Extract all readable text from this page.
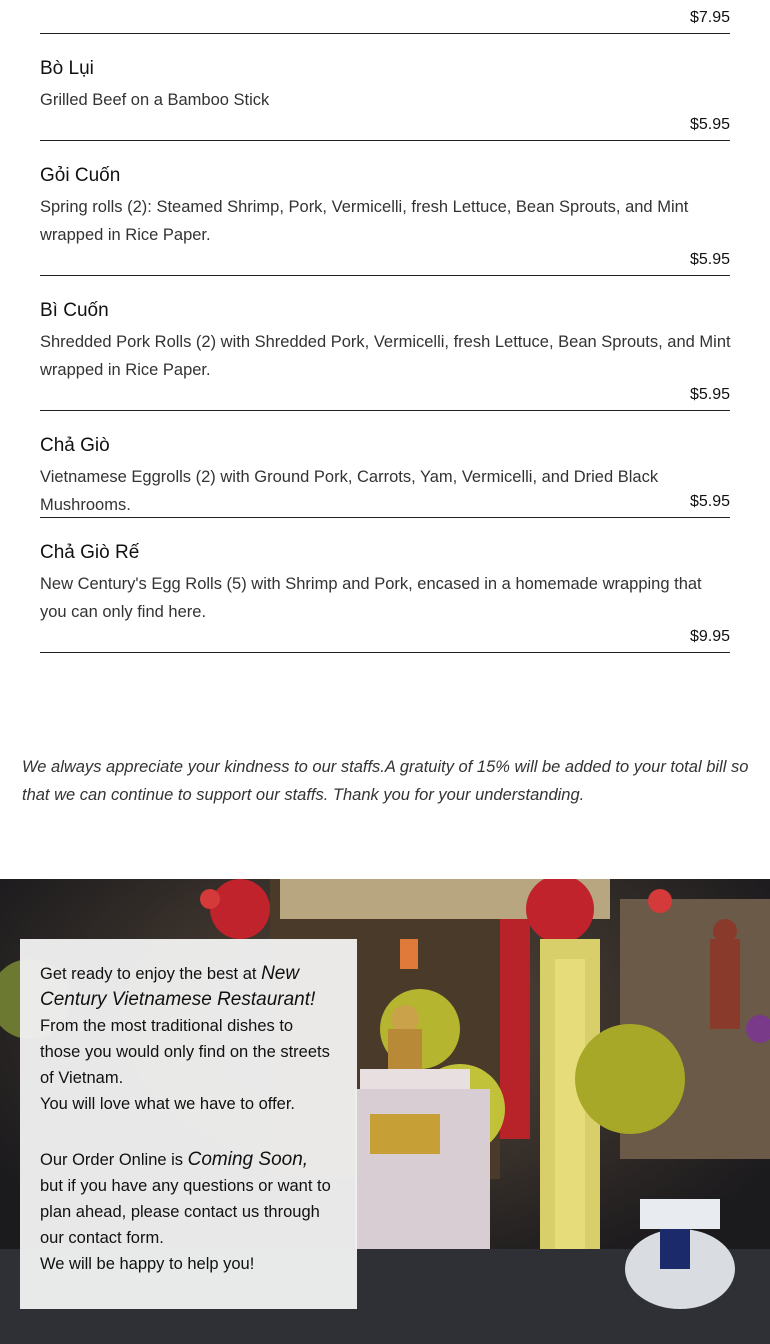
$7.95
Bò Lụi
Grilled Beef on a Bamboo Stick
$5.95
Gỏi Cuốn
Spring rolls (2): Steamed Shrimp, Pork, Vermicelli, fresh Lettuce, Bean Sprouts, and Mint wrapped in Rice Paper.
$5.95
Bì Cuốn
Shredded Pork Rolls (2) with Shredded Pork, Vermicelli, fresh Lettuce, Bean Sprouts, and Mint wrapped in Rice Paper.
$5.95
Chả Giò
Vietnamese Eggrolls (2) with Ground Pork, Carrots, Yam, Vermicelli, and Dried Black Mushrooms.	$5.95
Chả Giò Rế
New Century's Egg Rolls (5) with Shrimp and Pork, encased in a homemade wrapping that you can only find here.
$9.95
We always appreciate your kindness to our staffs.A gratuity of 15% will be added to your total bill so that we can continue to support our staffs. Thank you for your understanding.

Get ready to enjoy the best at New Century Vietnamese Restaurant!

From the most traditional dishes to those you would only find on the streets of Vietnam.

You will love what we have to offer.

Our Order Online is Coming Soon,

but if you have any questions or want to plan ahead, please contact us through our contact form.

We will be happy to help you!
